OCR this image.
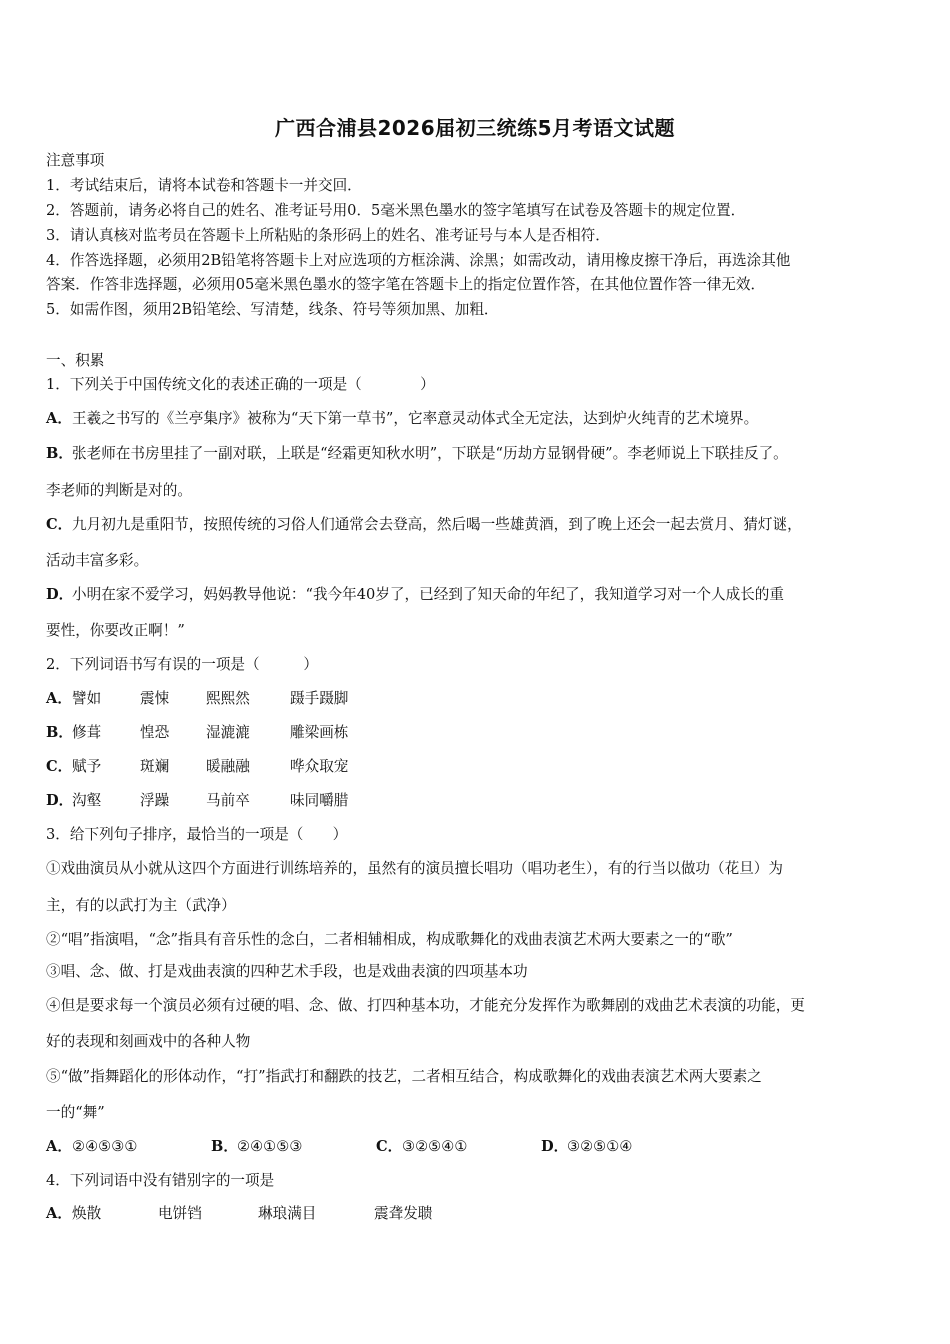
广西合浦县2026届初三统练5月考语文试题
注意事项
1．考试结束后，请将本试卷和答题卡一并交回．
2．答题前，请务必将自己的姓名、准考证号用0．5毫米黑色墨水的签字笔填写在试卷及答题卡的规定位置．
3．请认真核对监考员在答题卡上所粘贴的条形码上的姓名、准考证号与本人是否相符．
4．作答选择题，必须用2B铅笔将答题卡上对应选项的方框涂满、涂黑；如需改动，请用橡皮擦干净后，再选涂其他
答案．作答非选择题，必须用05毫米黑色墨水的签字笔在答题卡上的指定位置作答，在其他位置作答一律无效．
5．如需作图，须用2B铅笔绘、写清楚，线条、符号等须加黑、加粗．
一、积累
1．下列关于中国传统文化的表述正确的一项是（　　　　）
A．王羲之书写的《兰亭集序》被称为“天下第一草书”，它率意灵动体式全无定法，达到炉火纯青的艺术境界。
B．张老师在书房里挂了一副对联，上联是“经霜更知秋水明”，下联是“历劫方显钢骨硬”。李老师说上下联挂反了。
李老师的判断是对的。
C．九月初九是重阳节，按照传统的习俗人们通常会去登高，然后喝一些雄黄酒，到了晚上还会一起去赏月、猜灯谜，
活动丰富多彩。
D．小明在家不爱学习，妈妈教导他说：“我今年40岁了，已经到了知天命的年纪了，我知道学习对一个人成长的重
要性，你要改正啊！”
2．下列词语书写有误的一项是（　　　）
A．譬如	震悚	熙熙然	蹑手蹑脚
B．修葺	惶恐	湿漉漉	雕梁画栋
C．赋予	斑斓	暖融融	哗众取宠
D．沟壑	浮躁	马前卒	味同嚼腊
3．给下列句子排序，最恰当的一项是（　　）
①戏曲演员从小就从这四个方面进行训练培养的，虽然有的演员擅长唱功（唱功老生），有的行当以做功（花旦）为
主，有的以武打为主（武净）
②“唱”指演唱，“念”指具有音乐性的念白，二者相辅相成，构成歌舞化的戏曲表演艺术两大要素之一的“歌”
③唱、念、做、打是戏曲表演的四种艺术手段，也是戏曲表演的四项基本功
④但是要求每一个演员必须有过硬的唱、念、做、打四种基本功，才能充分发挥作为歌舞剧的戏曲艺术表演的功能，更
好的表现和刻画戏中的各种人物
⑤“做”指舞蹈化的形体动作，“打”指武打和翻跌的技艺，二者相互结合，构成歌舞化的戏曲表演艺术两大要素之
一的“舞”
A．②④⑤③①	B．②④①⑤③	C．③②⑤④①	D．③②⑤①④
4．下列词语中没有错别字的一项是
A．焕散	电饼铛	琳琅满目	震聋发聩
